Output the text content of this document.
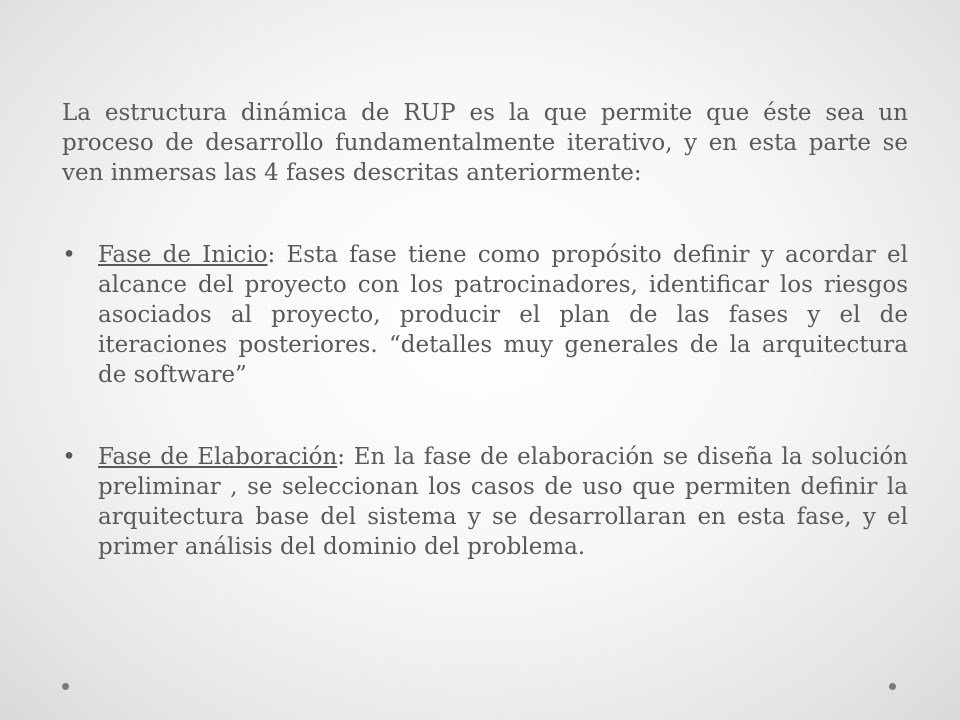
La estructura dinámica de RUP es la que permite que éste sea un proceso de desarrollo fundamentalmente iterativo, y en esta parte se ven inmersas las 4 fases descritas anteriormente:

• Fase de Inicio: Esta fase tiene como propósito definir y acordar el alcance del proyecto con los patrocinadores, identificar los riesgos asociados al proyecto, producir el plan de las fases y el de iteraciones posteriores. “detalles muy generales de la arquitectura de software”
• Fase de Elaboración: En la fase de elaboración se diseña la solución preliminar , se seleccionan los casos de uso que permiten definir la arquitectura base del sistema y se desarrollaran en esta fase, y el primer análisis del dominio del problema.
